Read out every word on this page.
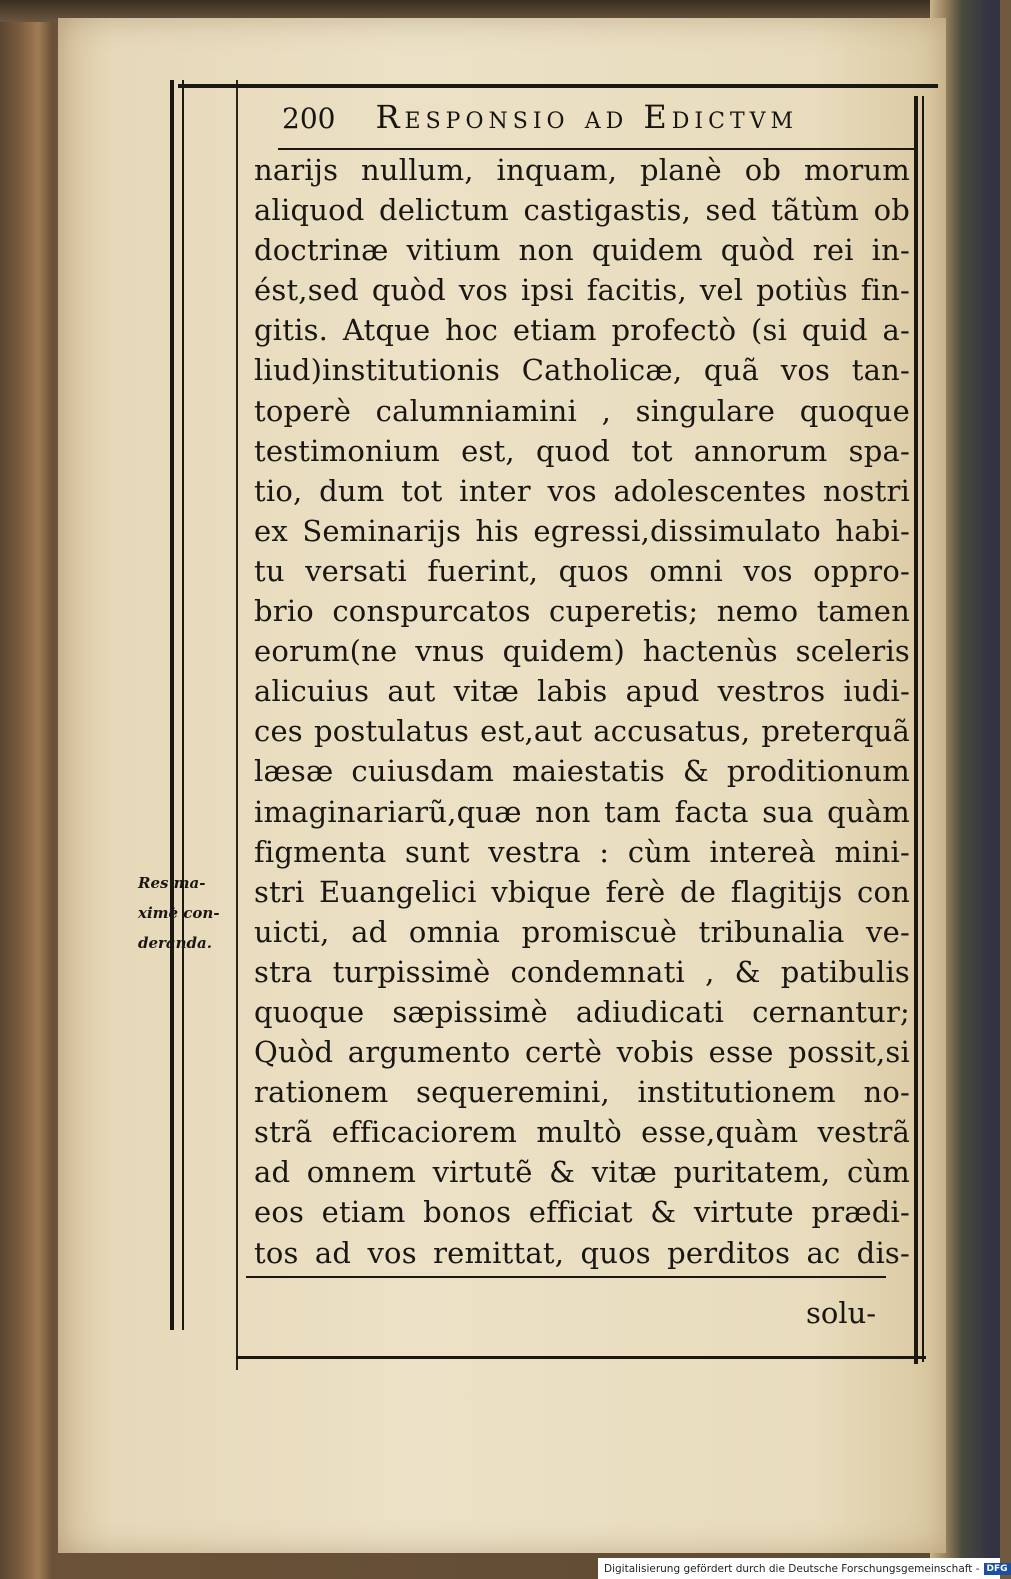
200 Responsio ad Edictvm
narijs nullum, inquam, planè ob morum
aliquod delictum castigastis, sed tãtùm ob
doctrinæ vitium non quidem quòd rei in-
ést,sed quòd vos ipsi facitis, vel potiùs fin-
gitis. Atque hoc etiam profectò (si quid a-
liud)institutionis Catholicæ, quã vos tan-
toperè calumniamini , singulare quoque
testimonium est, quod tot annorum spa-
tio, dum tot inter vos adolescentes nostri
ex Seminarijs his egressi,dissimulato habi-
tu versati fuerint, quos omni vos oppro-
brio conspurcatos cuperetis; nemo tamen
eorum(ne vnus quidem) hactenùs sceleris
alicuius aut vitæ labis apud vestros iudi-
ces postulatus est,aut accusatus, preterquã
læsæ cuiusdam maiestatis & proditionum
imaginariarũ,quæ non tam facta sua quàm
figmenta sunt vestra : cùm intereà mini-
stri Euangelici vbique ferè de flagitijs con
uicti, ad omnia promiscuè tribunalia ve-
stra turpissimè condemnati , & patibulis
quoque sæpissimè adiudicati cernantur;
Quòd argumento certè vobis esse possit,si
rationem sequeremini, institutionem no-
strã efficaciorem multò esse,quàm vestrã
ad omnem virtutẽ & vitæ puritatem, cùm
eos etiam bonos efficiat & virtute prædi-
tos ad vos remittat, quos perditos ac dis-
Res ma-
ximè con-
deranda.
solu-
Digitalisierung gefördert durch die Deutsche Forschungsgemeinschaft - DFG
